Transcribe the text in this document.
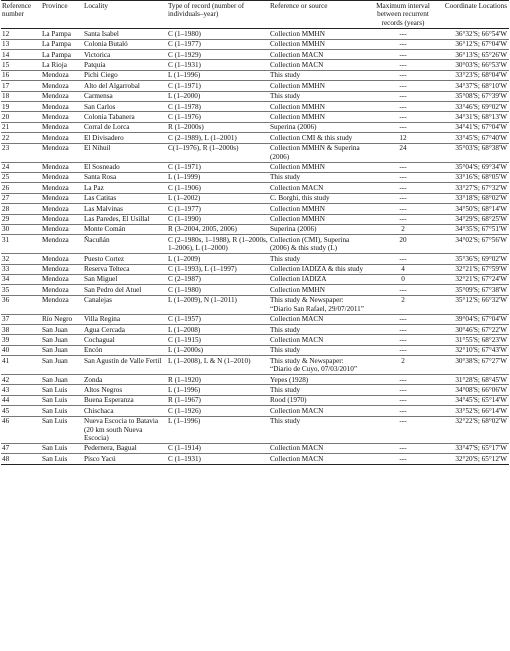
Reference number	Province	Locality	Type of record (number of individuals–year)	Reference or source	Maximum interval between recurrent records (years)	Coordinate Locations
12	La Pampa	Santa Isabel	C (1–1980)	Collection MMHN	---	36°32'S; 66°54'W
13	La Pampa	Colonia Butaló	C (1–1977)	Collection MMHN	---	36°12'S; 67°04'W
14	La Pampa	Victorica	C (1–1929)	Collection MACN	---	36°13'S; 65°26'W
15	La Rioja	Patquía	C (1–1931)	Collection MACN	---	30°03'S; 66°53'W
16	Mendoza	Pichi Ciego	L (1–1996)	This study	---	33°23'S; 68°04'W
17	Mendoza	Alto del Algarrobal	C (1–1971)	Collection MMHN	---	34°37'S; 68°10'W
18	Mendoza	Carmensa	L (1–2000)	This study	---	35°08'S; 67°39'W
19	Mendoza	San Carlos	C (1–1978)	Collection MMHN	---	33°46'S; 69°02'W
20	Mendoza	Colonia Tabanera	C (1–1976)	Collection MMHN	---	34°31'S; 68°13'W
21	Mendoza	Corral de Lorca	R (1–2000s)	Superina (2006)	---	34°41'S; 67°04'W
22	Mendoza	El Divisadero	C (2–1989), L (1–2001)	Collection CMI & this study	12	33°45'S; 67°40'W
23	Mendoza	El Nihuil	C(1–1976), R (1–2000s)	Collection MMHN & Superina (2006)	24	35°03'S; 68°38'W
24	Mendoza	El Sosneado	C (1–1971)	Collection MMHN	---	35°04'S; 69°34'W
25	Mendoza	Santa Rosa	L (1–1999)	This study	---	33°16'S; 68°05'W
26	Mendoza	La Paz	C (1–1906)	Collection MACN	---	33°27'S; 67°32'W
27	Mendoza	Las Catitas	L (1–2002)	C. Borghi, this study	---	33°18'S; 68°02'W
28	Mendoza	Las Malvinas	C (1–1977)	Collection MMHN	---	34°50'S; 68°14'W
29	Mendoza	Las Paredes, El Usillal	C (1–1990)	Collection MMHN	---	34°29'S; 68°25'W
30	Mendoza	Monte Comán	R (3–2004, 2005, 2006)	Superina (2006)	2	34°35'S; 67°51'W
31	Mendoza	Ñacuñán	C (2–1980s, 1–1988), R (1–2000s, 1–2006), L (1–2000)	Collection (CMI), Superina (2006) & this study (L)	20	34°02'S; 67°56'W
32	Mendoza	Puesto Cortez	L (1–2009)	This study	---	35°36'S; 69°02'W
33	Mendoza	Reserva Telteca	C (1–1993), L (1–1997)	Collection IADIZA & this study	4	32°21'S; 67°59'W
34	Mendoza	San Miguel	C (2–1987)	Collection IADIZA	0	32°21'S; 67°24'W
35	Mendoza	San Pedro del Atuel	C (1–1980)	Collection MMHN	---	35°09'S; 67°38'W
36	Mendoza	Canalejas	L (1–2009), N (1–2011)	This study & Newspaper: “Diario San Rafael, 29/07/2011”	2	35°12'S; 66°32'W
37	Río Negro	Villa Regina	C (1–1957)	Collection MACN	---	39°04'S; 67°04'W
38	San Juan	Agua Cercada	L (1–2008)	This study	---	30°46'S; 67°22'W
39	San Juan	Cochagual	C (1–1915)	Collection MACN	---	31°55'S; 68°23'W
40	San Juan	Encón	L (1–2000s)	This study	---	32°10'S; 67°43'W
41	San Juan	San Agustín de Valle Fertil	L (1–2008), L & N (1–2010)	This study & Newspaper: “Diario de Cuyo, 07/03/2010”	2	30°38'S; 67°27'W
42	San Juan	Zonda	R (1–1920)	Yepes (1928)	---	31°28'S; 68°45'W
43	San Luis	Altos Negros	L (1–1996)	This study	---	34°08'S; 66°06'W
44	San Luis	Buena Esperanza	R (1–1967)	Rood (1970)	---	34°45'S; 65°14'W
45	San Luis	Chischaca	C (1–1926)	Collection MACN	---	33°52'S; 66°14'W
46	San Luis	Nueva Escocia to Batavia (20 km south Nueva Escocia)	L (1–1996)	This study	---	32°22'S; 68°02'W
47	San Luis	Pedernera, Bagual	C (1–1914)	Collection MACN	---	33°47'S; 65°17'W
48	San Luis	Pisco Yacú	C (1–1931)	Collection MACN	---	32°20'S; 65°12'W
